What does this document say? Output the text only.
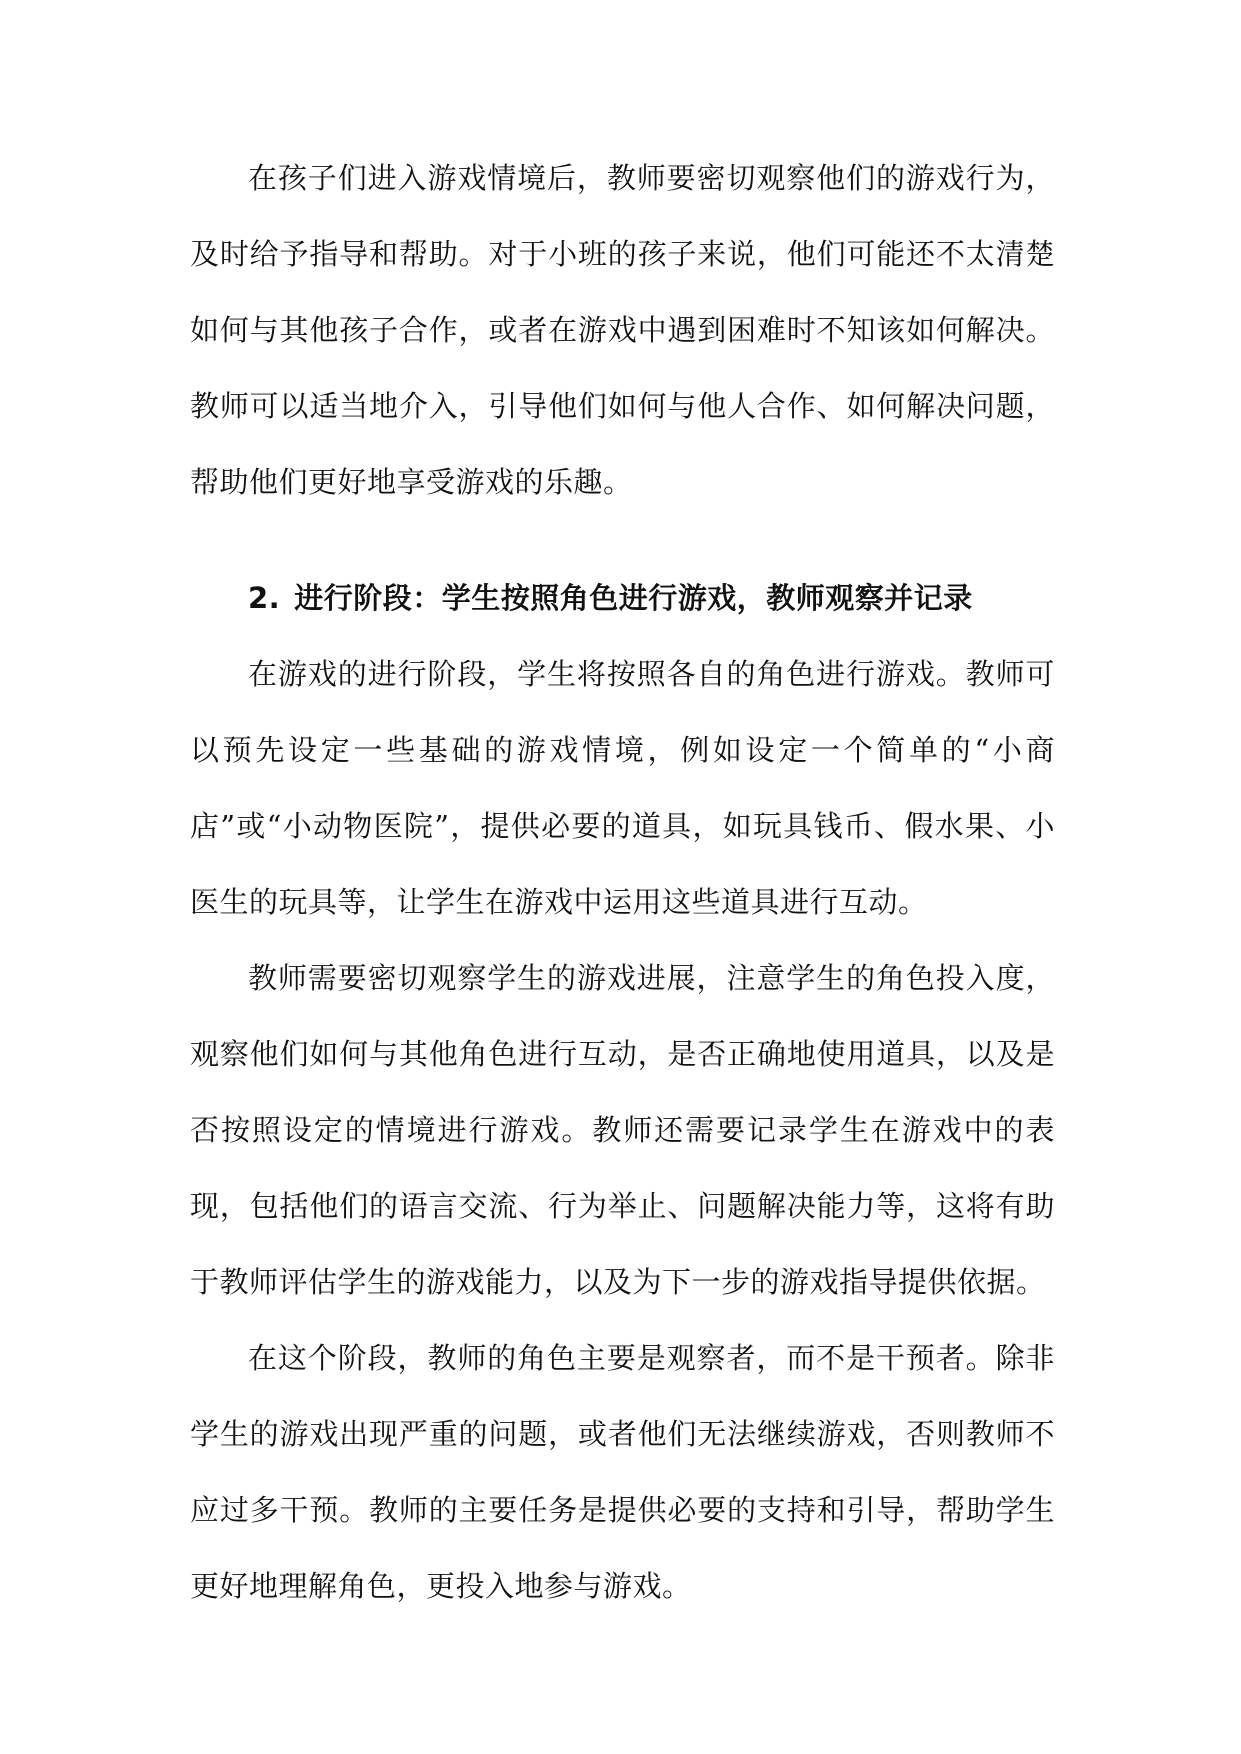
在孩子们进入游戏情境后，教师要密切观察他们的游戏行为，及时给予指导和帮助。对于小班的孩子来说，他们可能还不太清楚如何与其他孩子合作，或者在游戏中遇到困难时不知该如何解决。教师可以适当地介入，引导他们如何与他人合作、如何解决问题，帮助他们更好地享受游戏的乐趣。

2. 进行阶段：学生按照角色进行游戏，教师观察并记录

在游戏的进行阶段，学生将按照各自的角色进行游戏。教师可以预先设定一些基础的游戏情境，例如设定一个简单的“小商店”或“小动物医院”，提供必要的道具，如玩具钱币、假水果、小医生的玩具等，让学生在游戏中运用这些道具进行互动。

教师需要密切观察学生的游戏进展，注意学生的角色投入度，观察他们如何与其他角色进行互动，是否正确地使用道具，以及是否按照设定的情境进行游戏。教师还需要记录学生在游戏中的表现，包括他们的语言交流、行为举止、问题解决能力等，这将有助于教师评估学生的游戏能力，以及为下一步的游戏指导提供依据。

在这个阶段，教师的角色主要是观察者，而不是干预者。除非学生的游戏出现严重的问题，或者他们无法继续游戏，否则教师不应过多干预。教师的主要任务是提供必要的支持和引导，帮助学生更好地理解角色，更投入地参与游戏。
